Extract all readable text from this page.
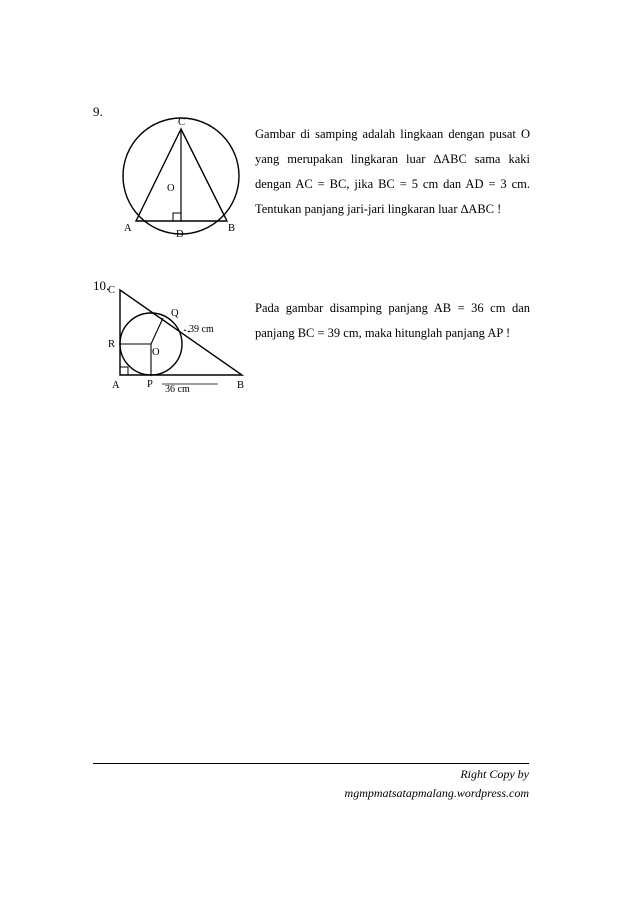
9.
C
O
A
D
B
Gambar di samping adalah lingkaan dengan pusat O yang merupakan lingkaran luar ∆ABC sama kaki dengan AC = BC, jika BC = 5 cm dan AD = 3 cm. Tentukan panjang jari-jari lingkaran luar ∆ABC !
10.
C
Q
39 cm
R
O
A	P 36 cm	B
Pada gambar disamping panjang AB = 36 cm dan panjang BC = 39 cm, maka hitunglah panjang AP !
Right Copy by
mgmpmatsatapmalang.wordpress.com
